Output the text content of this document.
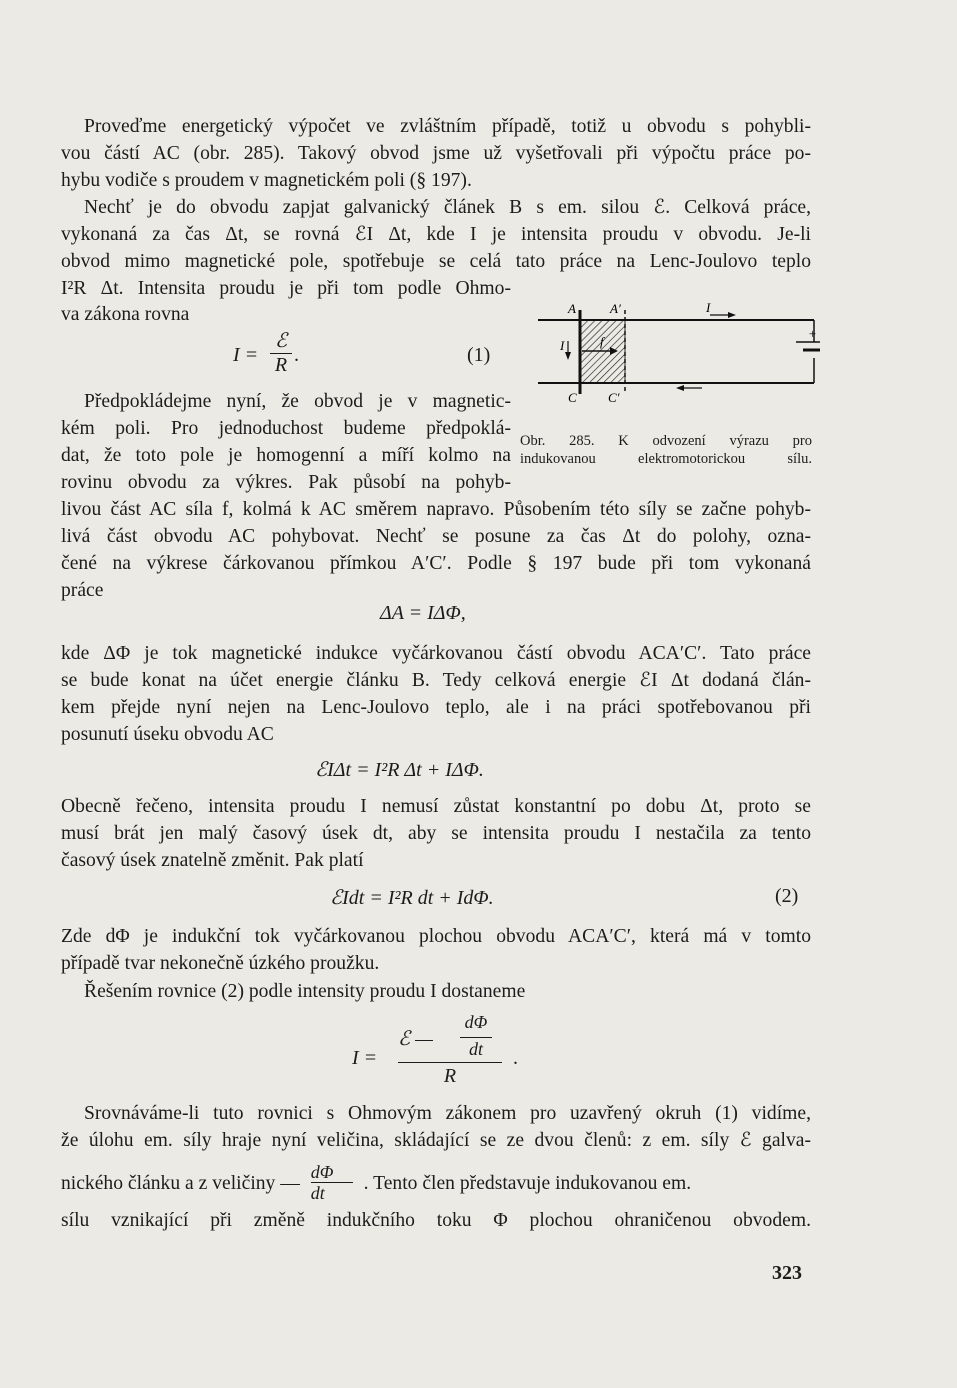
Proveďme energetický výpočet ve zvláštním případě, totiž u obvodu s pohybli-
vou částí AC (obr. 285). Takový obvod jsme už vyšetřovali při výpočtu práce po-
hybu vodiče s proudem v magnetickém poli (§ 197).
Nechť je do obvodu zapjat galvanický článek B s em. silou ℰ. Celková práce,
vykonaná za čas Δt, se rovná ℰI Δt, kde I je intensita proudu v obvodu. Je-li
obvod mimo magnetické pole, spotřebuje se celá tato práce na Lenc-Joulovo teplo
I²R Δt. Intensita proudu je při tom podle Ohmo-
va zákona rovna
I =
ℰ
R .	(1)
A	A′
C C′
I
I	f
+
Obr. 285. K odvození výrazu pro
indukovanou elektromotorickou sílu.
Předpokládejme nyní, že obvod je v magnetic-
kém poli. Pro jednoduchost budeme předpoklá-
dat, že toto pole je homogenní a míří kolmo na
rovinu obvodu za výkres. Pak působí na pohyb-
livou část AC síla f, kolmá k AC směrem napravo. Působením této síly se začne pohyb-
livá část obvodu AC pohybovat. Nechť se posune za čas Δt do polohy, ozna-
čené na výkrese čárkovanou přímkou A′C′. Podle § 197 bude při tom vykonaná
práce
ΔA = IΔΦ,
kde ΔΦ je tok magnetické indukce vyčárkovanou částí obvodu ACA′C′. Tato práce
se bude konat na účet energie článku B. Tedy celková energie ℰI Δt dodaná člán-
kem přejde nyní nejen na Lenc-Joulovo teplo, ale i na práci spotřebovanou při
posunutí úseku obvodu AC
ℰIΔt = I²R Δt + IΔΦ.
Obecně řečeno, intensita proudu I nemusí zůstat konstantní po dobu Δt, proto se
musí brát jen malý časový úsek dt, aby se intensita proudu I nestačila za tento
časový úsek znatelně změnit. Pak platí
ℰIdt = I²R dt + IdΦ.	(2)
Zde dΦ je indukční tok vyčárkovanou plochou obvodu ACA′C′, která má v tomto
případě tvar nekonečně úzkého proužku.
Řešením rovnice (2) podle intensity proudu I dostaneme
I =
ℰ —
dΦ
dt
R
.
Srovnáváme-li tuto rovnici s Ohmovým zákonem pro uzavřený okruh (1) vidíme,
že úlohu em. síly hraje nyní veličina, skládající se ze dvou členů: z em. síly ℰ galva-
nického článku a z veličiny — $\frac{d\Phi}{dt}$ . Tento člen představuje indukovanou em.
sílu vznikající při změně indukčního toku Φ plochou ohraničenou obvodem.
323
